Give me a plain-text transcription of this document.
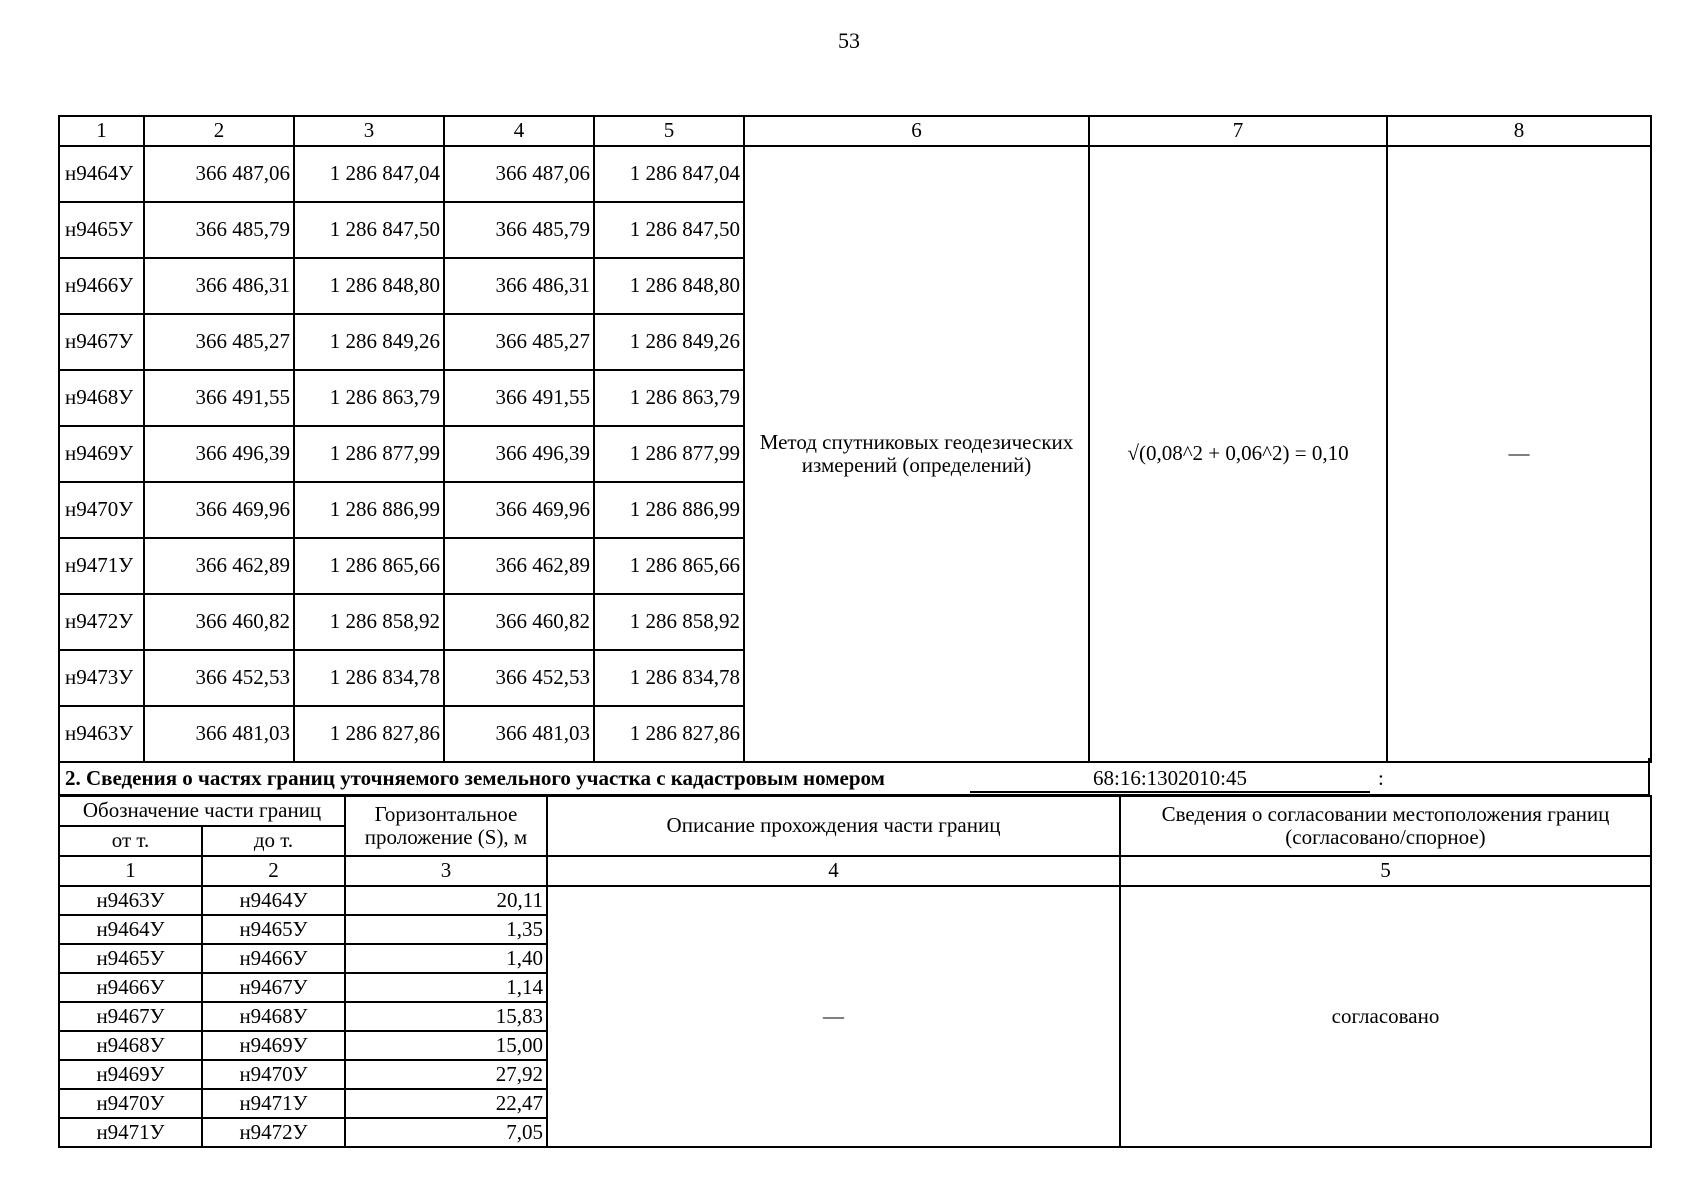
53
1	2	3	4	5	6	7	8
н9464У	366 487,06	1 286 847,04	366 487,06	1 286 847,04	Метод спутниковых геодезических измерений (определений)	√(0,08^2 + 0,06^2) = 0,10	—
н9465У	366 485,79	1 286 847,50	366 485,79	1 286 847,50			
н9466У	366 486,31	1 286 848,80	366 486,31	1 286 848,80			
н9467У	366 485,27	1 286 849,26	366 485,27	1 286 849,26			
н9468У	366 491,55	1 286 863,79	366 491,55	1 286 863,79			
н9469У	366 496,39	1 286 877,99	366 496,39	1 286 877,99			
н9470У	366 469,96	1 286 886,99	366 469,96	1 286 886,99			
н9471У	366 462,89	1 286 865,66	366 462,89	1 286 865,66			
н9472У	366 460,82	1 286 858,92	366 460,82	1 286 858,92			
н9473У	366 452,53	1 286 834,78	366 452,53	1 286 834,78			
н9463У	366 481,03	1 286 827,86	366 481,03	1 286 827,86			
2. Сведения о частях границ уточняемого земельного участка с кадастровым номером	68:16:1302010:45	:
Обозначение части границ		Горизонтальное проложение (S), м	Описание прохождения части границ	Сведения о согласовании местоположения границ (согласовано/спорное)
от т.	до т.			
1	2	3	4	5
н9463У	н9464У	20,11	—	согласовано
н9464У	н9465У	1,35		
н9465У	н9466У	1,40		
н9466У	н9467У	1,14		
н9467У	н9468У	15,83		
н9468У	н9469У	15,00		
н9469У	н9470У	27,92		
н9470У	н9471У	22,47		
н9471У	н9472У	7,05		
